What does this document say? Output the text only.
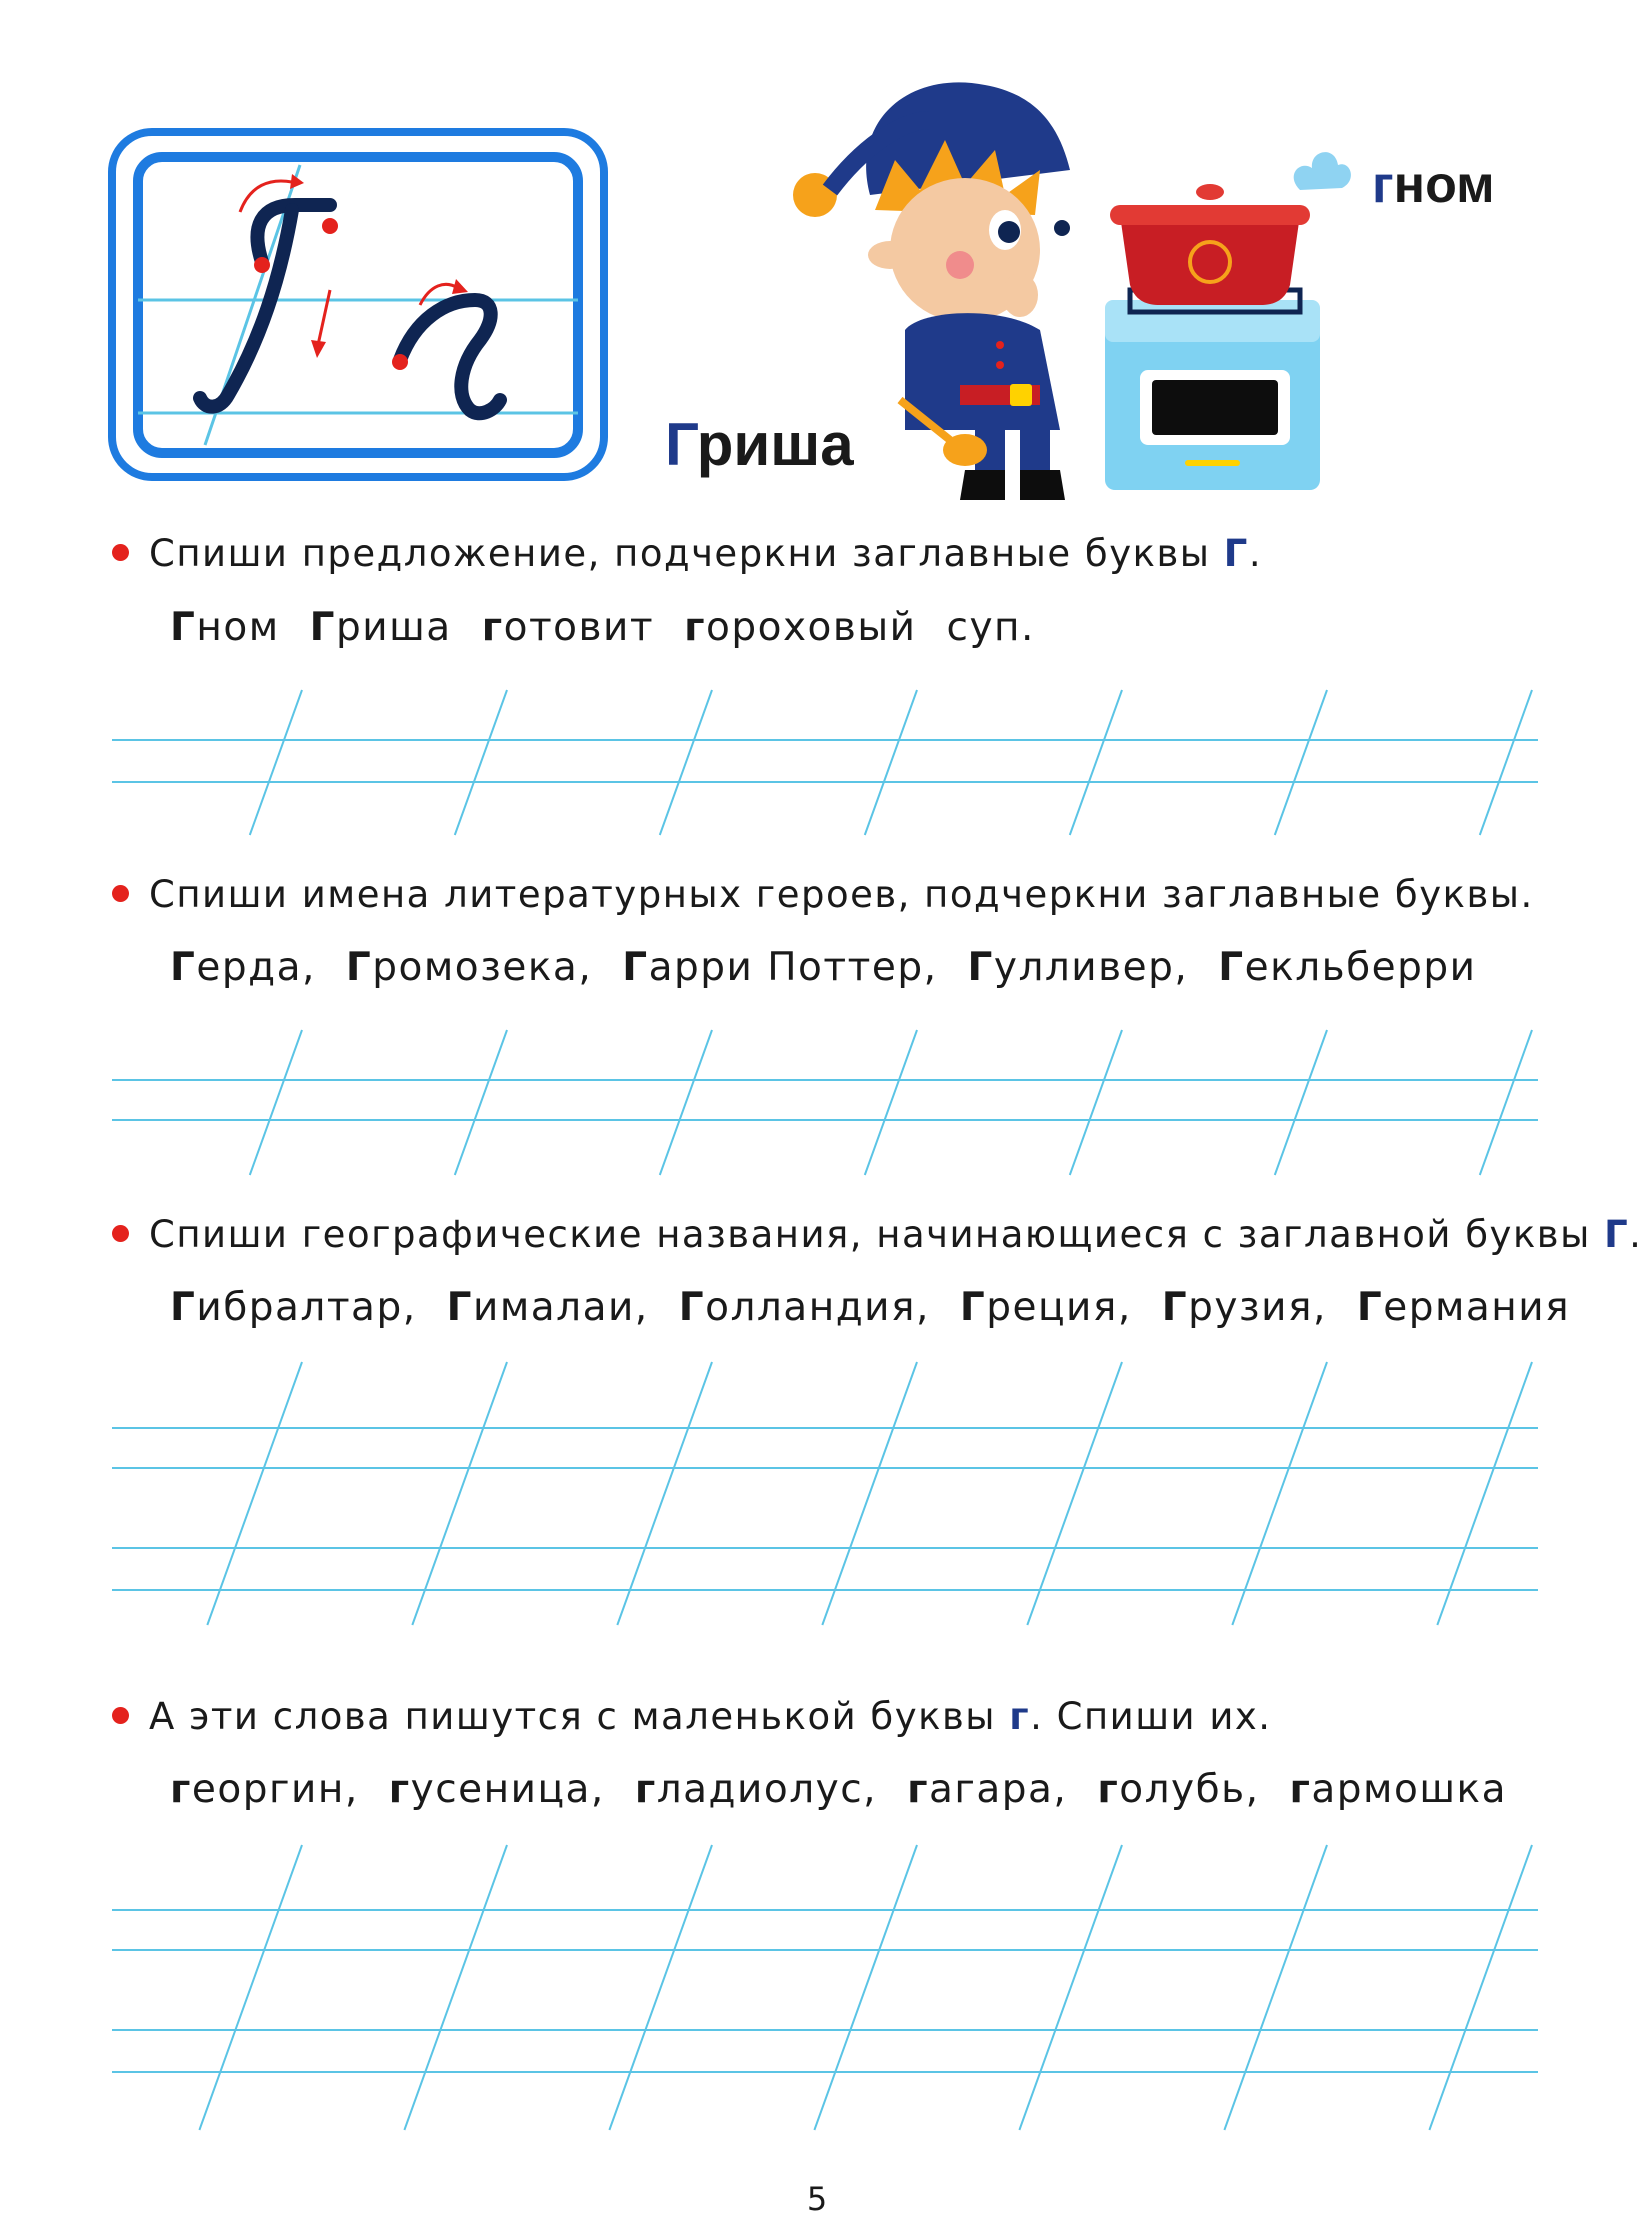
Гриша
гном
Спиши предложение, подчеркни заглавные буквы Г.
Гном Гриша готовит гороховый суп.
Спиши имена литературных героев, подчеркни заглавные буквы.
Герда, Громозека, Гарри Поттер, Гулливер, Гекльберри
Спиши географические названия, начинающиеся с заглавной буквы Г.
Гибралтар, Гималаи, Голландия, Греция, Грузия, Германия
А эти слова пишутся с маленькой буквы г. Спиши их.
георгин, гусеница, гладиолус, гагара, голубь, гармошка
5
